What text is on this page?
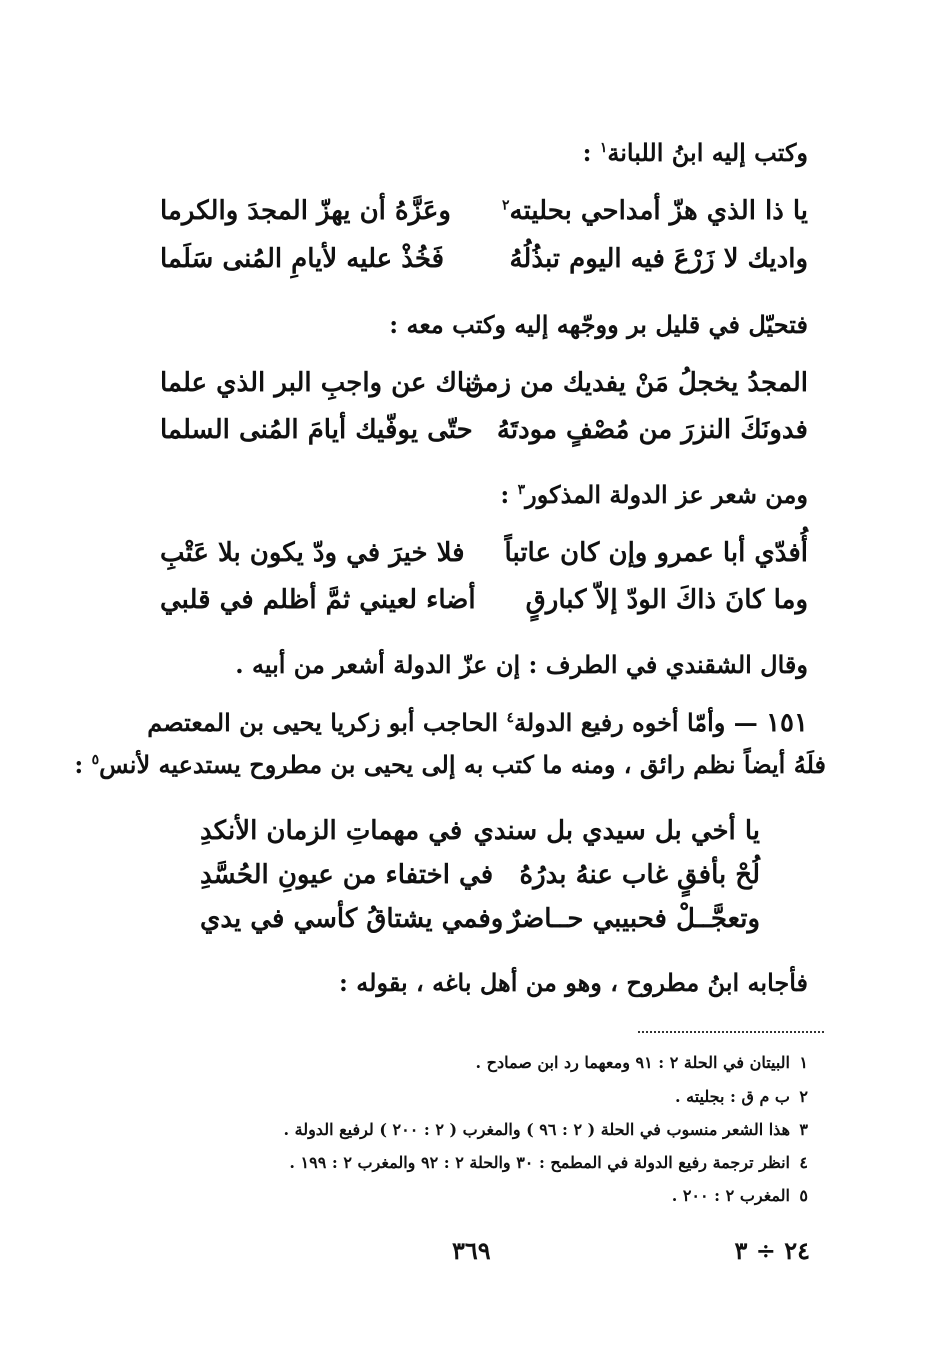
وكتب إليه ابنُ اللبانة$^١$ :
يا ذا الذي هزّ أمداحي بحليته$^٢$
وعَزَّهُ أن يهزّ المجدَ والكرما
واديك لا زَرْعَ فيه اليوم تبذُلُهُ
فَخُذْ عليه لأيامِ المُنى سَلَما
فتحيّل في قليل بر ووجّهه إليه وكتب معه :
المجدُ يخجلُ مَنْ يفديك من زمن
ثناك عن واجبِ البر الذي علما
فدونَكَ النزرَ من مُصْفٍ مودتَهُ
حتّى يوفّيك أيامَ المُنى السلما
ومن شعر عز الدولة المذكور$^٣$ :
أُفدّي أبا عمرو وإن كان عاتباً
فلا خيرَ في ودّ يكون بلا عَتْبِ
وما كانَ ذاكَ الودّ إلاّ كبارقٍ
أضاء لعيني ثمَّ أظلم في قلبي
وقال الشقندي في الطرف : إن عزّ الدولة أشعر من أبيه .
١٥١ — وأمّا أخوه رفيع الدولة$^٤$ الحاجب أبو زكريا يحيى بن المعتصم
فلَهُ أيضاً نظم رائق ، ومنه ما كتب به إلى يحيى بن مطروح يستدعيه لأنس$^٥$ :
يا أخي بل سيدي بل سندي
في مهماتِ الزمان الأنكدِ
لُحْ بأفقٍ غاب عنهُ بدرُهُ
في اختفاء من عيونِ الحُسَّدِ
وتعجَّــلْ فحبيبي حــاضرٌ
وفمي يشتاقُ كأسي في يدي
فأجابه ابنُ مطروح ، وهو من أهل باغه ، بقوله :
١البيتان في الحلة ٢ : ٩١ ومعهما رد ابن صمادح .
٢ب م ق : بجليته .
٣هذا الشعر منسوب في الحلة ( ٢ : ٩٦ ) والمغرب ( ٢ : ٢٠٠ ) لرفيع الدولة .
٤انظر ترجمة رفيع الدولة في المطمح : ٣٠ والحلة ٢ : ٩٢ والمغرب ٢ : ١٩٩ .
٥المغرب ٢ : ٢٠٠ .
٣٦٩	٢٤ ÷ ٣
